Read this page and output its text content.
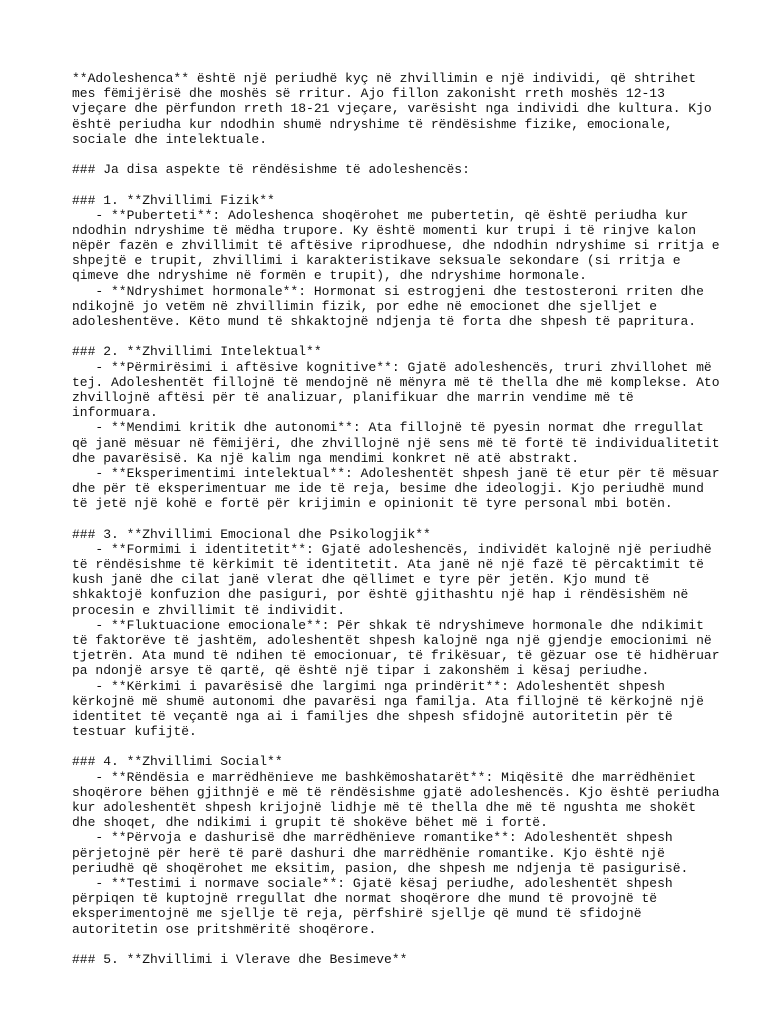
**Adoleshenca** është një periudhë kyç në zhvillimin e një individi, që shtrihet
mes fëmijërisë dhe moshës së rritur. Ajo fillon zakonisht rreth moshës 12-13
vjeçare dhe përfundon rreth 18-21 vjeçare, varësisht nga individi dhe kultura. Kjo
është periudha kur ndodhin shumë ndryshime të rëndësishme fizike, emocionale,
sociale dhe intelektuale.
### Ja disa aspekte të rëndësishme të adoleshencës:
### 1. **Zhvillimi Fizik**
- **Puberteti**: Adoleshenca shoqërohet me pubertetin, që është periudha kur
ndodhin ndryshime të mëdha trupore. Ky është momenti kur trupi i të rinjve kalon
nëpër fazën e zhvillimit të aftësive riprodhuese, dhe ndodhin ndryshime si rritja e
shpejtë e trupit, zhvillimi i karakteristikave seksuale sekondare (si rritja e
qimeve dhe ndryshime në formën e trupit), dhe ndryshime hormonale.
- **Ndryshimet hormonale**: Hormonat si estrogjeni dhe testosteroni rriten dhe
ndikojnë jo vetëm në zhvillimin fizik, por edhe në emocionet dhe sjelljet e
adoleshentëve. Këto mund të shkaktojnë ndjenja të forta dhe shpesh të papritura.
### 2. **Zhvillimi Intelektual**
- **Përmirësimi i aftësive kognitive**: Gjatë adoleshencës, truri zhvillohet më
tej. Adoleshentët fillojnë të mendojnë në mënyra më të thella dhe më komplekse. Ato
zhvillojnë aftësi për të analizuar, planifikuar dhe marrin vendime më të
informuara.
- **Mendimi kritik dhe autonomi**: Ata fillojnë të pyesin normat dhe rregullat
që janë mësuar në fëmijëri, dhe zhvillojnë një sens më të fortë të individualitetit
dhe pavarësisë. Ka një kalim nga mendimi konkret në atë abstrakt.
- **Eksperimentimi intelektual**: Adoleshentët shpesh janë të etur për të mësuar
dhe për të eksperimentuar me ide të reja, besime dhe ideologji. Kjo periudhë mund
të jetë një kohë e fortë për krijimin e opinionit të tyre personal mbi botën.
### 3. **Zhvillimi Emocional dhe Psikologjik**
- **Formimi i identitetit**: Gjatë adoleshencës, individët kalojnë një periudhë
të rëndësishme të kërkimit të identitetit. Ata janë në një fazë të përcaktimit të
kush janë dhe cilat janë vlerat dhe qëllimet e tyre për jetën. Kjo mund të
shkaktojë konfuzion dhe pasiguri, por është gjithashtu një hap i rëndësishëm në
procesin e zhvillimit të individit.
- **Fluktuacione emocionale**: Për shkak të ndryshimeve hormonale dhe ndikimit
të faktorëve të jashtëm, adoleshentët shpesh kalojnë nga një gjendje emocionimi në
tjetrën. Ata mund të ndihen të emocionuar, të frikësuar, të gëzuar ose të hidhëruar
pa ndonjë arsye të qartë, që është një tipar i zakonshëm i kësaj periudhe.
- **Kërkimi i pavarësisë dhe largimi nga prindërit**: Adoleshentët shpesh
kërkojnë më shumë autonomi dhe pavarësi nga familja. Ata fillojnë të kërkojnë një
identitet të veçantë nga ai i familjes dhe shpesh sfidojnë autoritetin për të
testuar kufijtë.
### 4. **Zhvillimi Social**
- **Rëndësia e marrëdhënieve me bashkëmoshatarët**: Miqësitë dhe marrëdhëniet
shoqërore bëhen gjithnjë e më të rëndësishme gjatë adoleshencës. Kjo është periudha
kur adoleshentët shpesh krijojnë lidhje më të thella dhe më të ngushta me shokët
dhe shoqet, dhe ndikimi i grupit të shokëve bëhet më i fortë.
- **Përvoja e dashurisë dhe marrëdhënieve romantike**: Adoleshentët shpesh
përjetojnë për herë të parë dashuri dhe marrëdhënie romantike. Kjo është një
periudhë që shoqërohet me eksitim, pasion, dhe shpesh me ndjenja të pasigurisë.
- **Testimi i normave sociale**: Gjatë kësaj periudhe, adoleshentët shpesh
përpiqen të kuptojnë rregullat dhe normat shoqërore dhe mund të provojnë të
eksperimentojnë me sjellje të reja, përfshirë sjellje që mund të sfidojnë
autoritetin ose pritshmëritë shoqërore.
### 5. **Zhvillimi i Vlerave dhe Besimeve**
